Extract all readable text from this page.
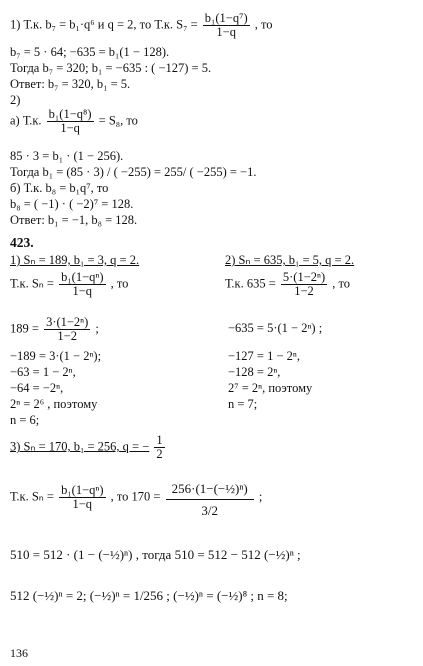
1) Т.к. b₇ = b₁·q⁶ и q = 2, то Т.к. $S_7 = \frac{\text{b₁(1−q⁷)}}{1-q}$ , то
b₇ = 5 · 64; −635 = b₁(1 − 128).
Тогда b₇ = 320; b₁ = −635 : ( −127) = 5.
Ответ: b₇ = 320, b₁ = 5.
2)
а) Т.к. $\frac{\text{b₁(1−q⁸)}}{1-q} = S_8$, то
85 · 3 = b₁ · (1 − 256).
Тогда b₁ = (85 · 3) / ( −255) = 255/ ( −255) = −1.
б) Т.к. b₈ = b₁q⁷, то
b₈ = ( −1) · ( −2)⁷ = 128.
Ответ: b₁ = −1, b₈ = 128.
423.
1) Sₙ = 189, b₁ = 3, q = 2.	2) Sₙ = 635, b₁ = 5, q = 2.
Т.к. $S_n = \frac{\text{b₁(1−qⁿ)}}{1-q}$ , то	Т.к. $635 = \frac{\text{5·(1−2ⁿ)}}{1-2}$ , то
$189 = \frac{\text{3·(1−2ⁿ)}}{1-2}$ ;	−635 = 5·(1 − 2ⁿ) ;
−189 = 3·(1 − 2ⁿ);	−127 = 1 − 2ⁿ,
−63 = 1 − 2ⁿ,	−128 = 2ⁿ,
−64 = −2ⁿ,	2⁷ = 2ⁿ, поэтому
2ⁿ = 2⁶ , поэтому	n = 7;
n = 6;
3) Sₙ = 170, b₁ = 256, q = − $\frac{1}{2}$
Т.к. $S_n = \frac{\text{b₁(1−qⁿ)}}{1-q}$ , то $170 = \frac{\text{256·(1−(−½)ⁿ)}}{3/2}$ ;
510 = 512 · (1 − (−½)ⁿ) , тогда 510 = 512 − 512 (−½)ⁿ ;
512 (−½)ⁿ = 2; (−½)ⁿ = 1/256 ; (−½)ⁿ = (−½)⁸ ; n = 8;
136
